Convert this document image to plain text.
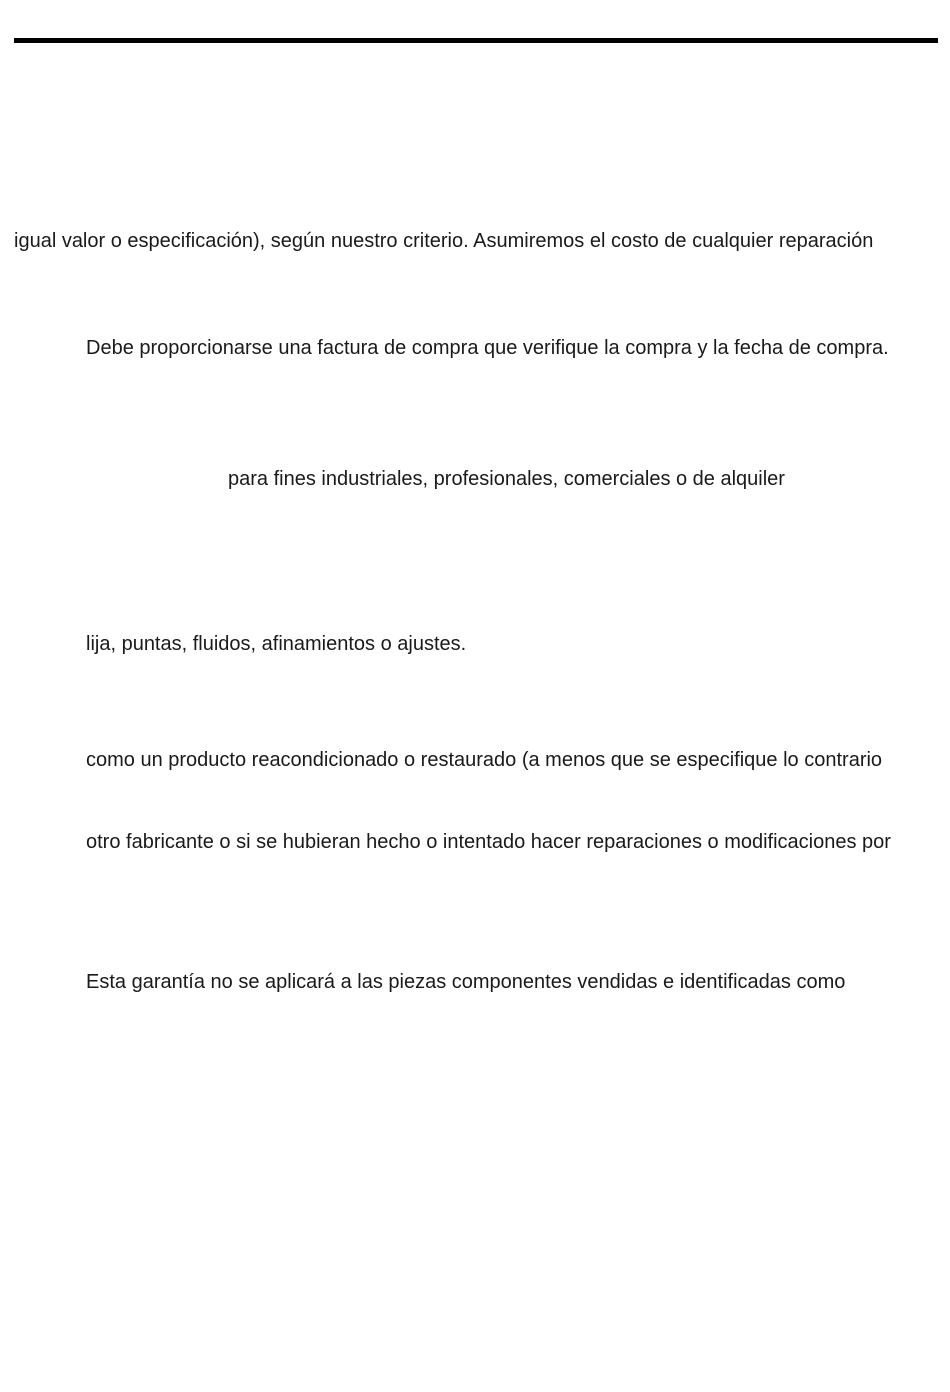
igual valor o especificación), según nuestro criterio. Asumiremos el costo de cualquier reparación

Debe proporcionarse una factura de compra que verifique la compra y la fecha de compra.

para fines industriales, profesionales, comerciales o de alquiler

lija, puntas, fluidos, afinamientos o ajustes.

como un producto reacondicionado o restaurado (a menos que se especifique lo contrario

otro fabricante o si se hubieran hecho o intentado hacer reparaciones o modificaciones por

Esta garantía no se aplicará a las piezas componentes vendidas e identificadas como
